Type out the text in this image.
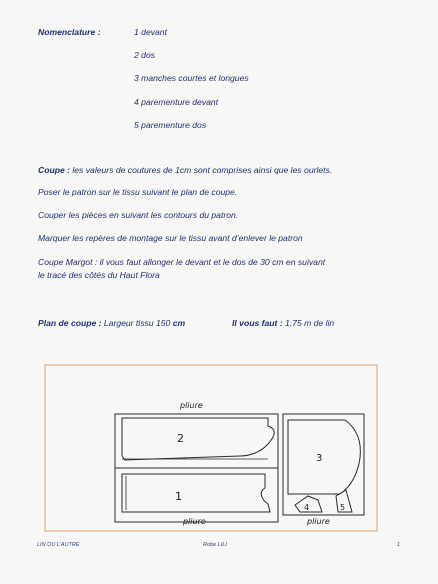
Nomenclature :	1 devant
2 dos
3 manches courtes et longues
4 parementure devant
5 parementure dos
Coupe : les valeurs de coutures de 1cm sont comprises ainsi que les ourlets.
Poser le patron sur le tissu suivant le plan de coupe.
Couper les pièces en suivant les contours du patron.
Marquer les repères de montage sur le tissu avant d’enlever le patron
Coupe Margot : il vous faut allonger le devant et le dos de 30 cm en suivant
le tracé des côtés du Haut Flora
Plan de coupe : Largeur tissu 150 cm	Il vous faut : 1,75 m de lin
pliure
2
1
pliure
3
4	5
pliure
LIN OU L’AUTRE	Robe LILI	1
